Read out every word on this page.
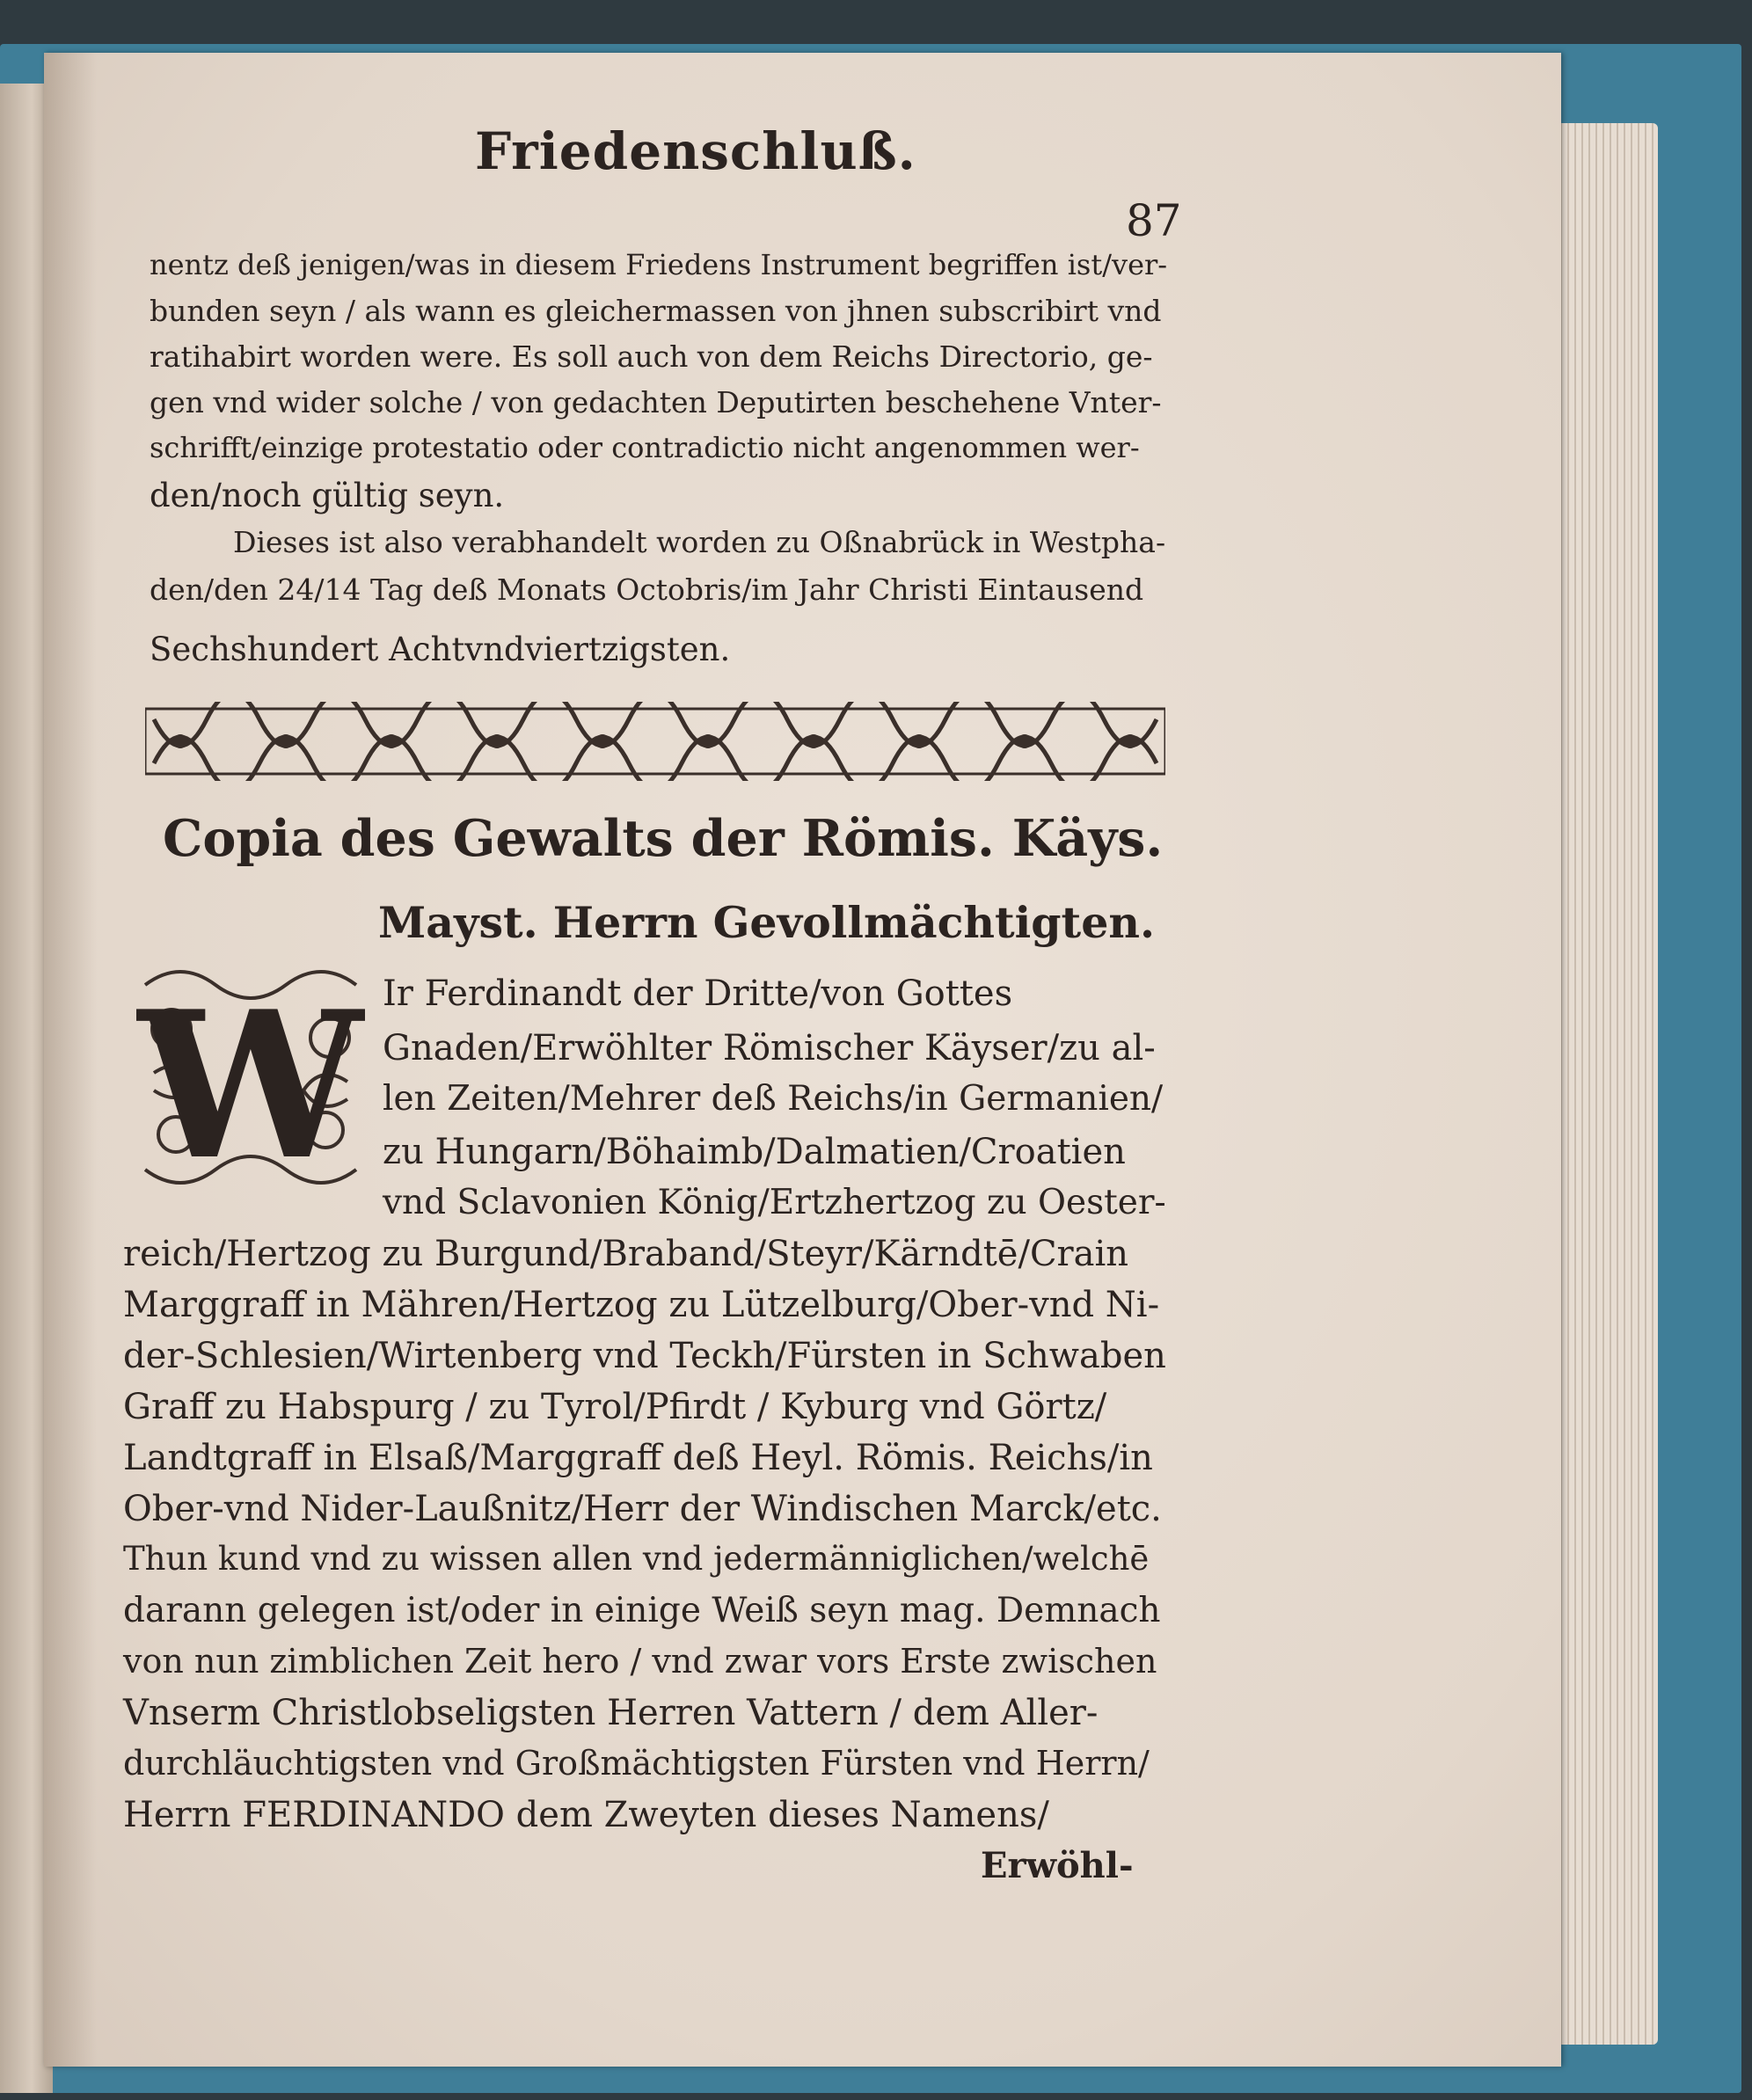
Friedenschluß.
87
nentz deß jenigen/was in diesem Friedens Instrument begriffen ist/ver-
bunden seyn / als wann es gleichermassen von jhnen subscribirt vnd
ratihabirt worden were. Es soll auch von dem Reichs Directorio, ge-
gen vnd wider solche / von gedachten Deputirten beschehene Vnter-
schrifft/einzige protestatio oder contradictio nicht angenommen wer-
den/noch gültig seyn.
Dieses ist also verabhandelt worden zu Oßnabrück in Westpha-
den/den 24/14 Tag deß Monats Octobris/im Jahr Christi Eintausend
Sechshundert Achtvndviertzigsten.
Copia des Gewalts der Römis. Käys.
Mayst. Herrn Gevollmächtigten.
W Ir Ferdinandt der Dritte/von Gottes
Gnaden/Erwöhlter Römischer Käyser/zu al-
len Zeiten/Mehrer deß Reichs/in Germanien/
zu Hungarn/Böhaimb/Dalmatien/Croatien
vnd Sclavonien König/Ertzhertzog zu Oester-
reich/Hertzog zu Burgund/Braband/Steyr/Kärndtē/Crain
Marggraff in Mähren/Hertzog zu Lützelburg/Ober-vnd Ni-
der-Schlesien/Wirtenberg vnd Teckh/Fürsten in Schwaben
Graff zu Habspurg / zu Tyrol/Pfirdt / Kyburg vnd Görtz/
Landtgraff in Elsaß/Marggraff deß Heyl. Römis. Reichs/in
Ober-vnd Nider-Laußnitz/Herr der Windischen Marck/etc.
Thun kund vnd zu wissen allen vnd jedermänniglichen/welchē
darann gelegen ist/oder in einige Weiß seyn mag. Demnach
von nun zimblichen Zeit hero / vnd zwar vors Erste zwischen
Vnserm Christlobseligsten Herren Vattern / dem Aller-
durchläuchtigsten vnd Großmächtigsten Fürsten vnd Herrn/
Herrn FERDINANDO dem Zweyten dieses Namens/
Erwöhl-
